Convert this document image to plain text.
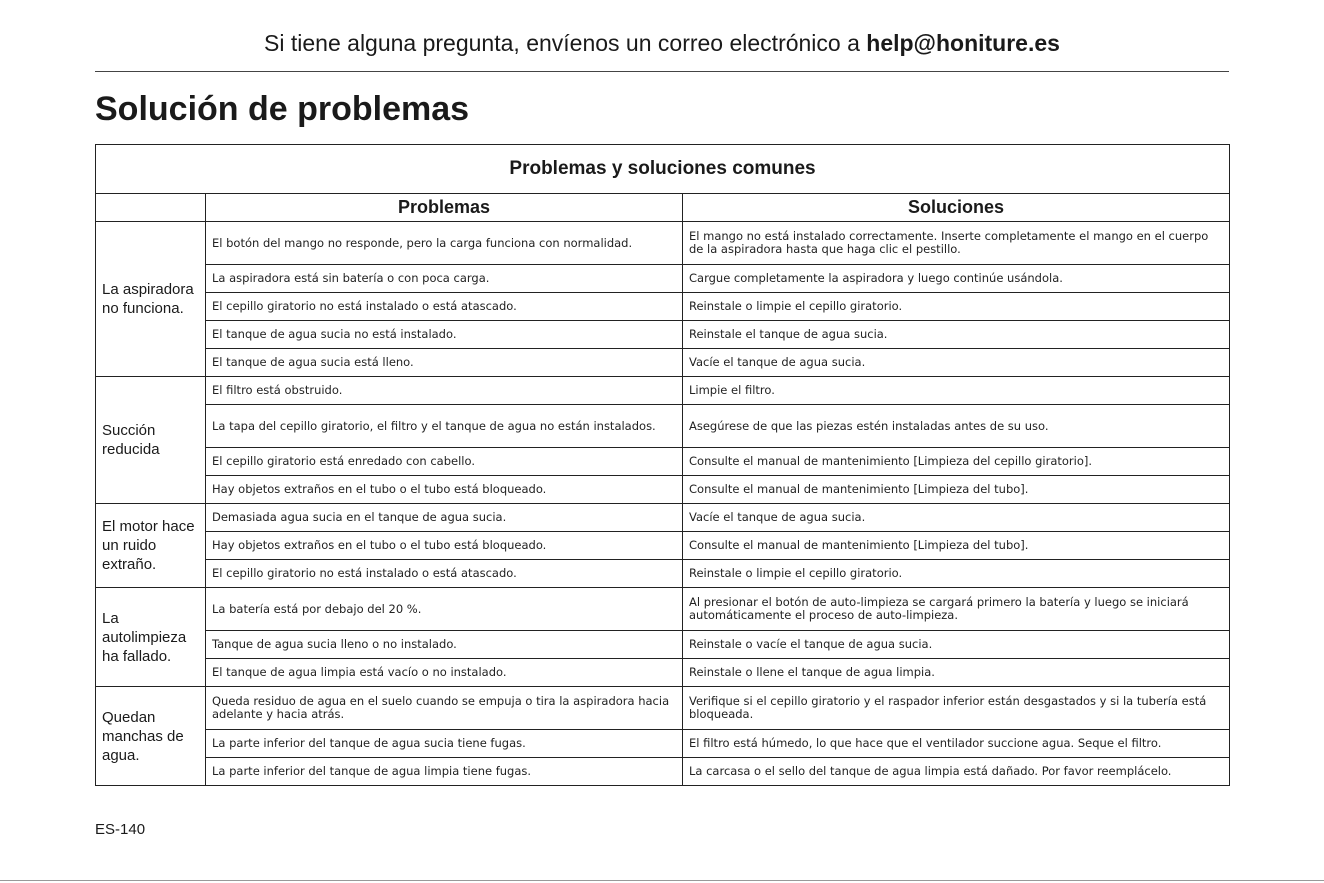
Si tiene alguna pregunta, envíenos un correo electrónico a help@honiture.es
Solución de problemas
Problemas y soluciones comunes		
	Problemas	Soluciones
La aspiradora no funciona.	El botón del mango no responde, pero la carga funciona con normalidad.	El mango no está instalado correctamente. Inserte completamente el mango en el cuerpo de la aspiradora hasta que haga clic el pestillo.
	La aspiradora está sin batería o con poca carga.	Cargue completamente la aspiradora y luego continúe usándola.
	El cepillo giratorio no está instalado o está atascado.	Reinstale o limpie el cepillo giratorio.
	El tanque de agua sucia no está instalado.	Reinstale el tanque de agua sucia.
	El tanque de agua sucia está lleno.	Vacíe el tanque de agua sucia.
Succión reducida	El filtro está obstruido.	Limpie el filtro.
	La tapa del cepillo giratorio, el filtro y el tanque de agua no están instalados.	Asegúrese de que las piezas estén instaladas antes de su uso.
	El cepillo giratorio está enredado con cabello.	Consulte el manual de mantenimiento [Limpieza del cepillo giratorio].
	Hay objetos extraños en el tubo o el tubo está bloqueado.	Consulte el manual de mantenimiento [Limpieza del tubo].
El motor hace un ruido extraño.	Demasiada agua sucia en el tanque de agua sucia.	Vacíe el tanque de agua sucia.
	Hay objetos extraños en el tubo o el tubo está bloqueado.	Consulte el manual de mantenimiento [Limpieza del tubo].
	El cepillo giratorio no está instalado o está atascado.	Reinstale o limpie el cepillo giratorio.
La autolimpieza ha fallado.	La batería está por debajo del 20 %.	Al presionar el botón de auto-limpieza se cargará primero la batería y luego se iniciará automáticamente el proceso de auto-limpieza.
	Tanque de agua sucia lleno o no instalado.	Reinstale o vacíe el tanque de agua sucia.
	El tanque de agua limpia está vacío o no instalado.	Reinstale o llene el tanque de agua limpia.
Quedan manchas de agua.	Queda residuo de agua en el suelo cuando se empuja o tira la aspiradora hacia adelante y hacia atrás.	Verifique si el cepillo giratorio y el raspador inferior están desgastados y si la tubería está bloqueada.
	La parte inferior del tanque de agua sucia tiene fugas.	El filtro está húmedo, lo que hace que el ventilador succione agua. Seque el filtro.
	La parte inferior del tanque de agua limpia tiene fugas.	La carcasa o el sello del tanque de agua limpia está dañado. Por favor reemplácelo.
ES-140
